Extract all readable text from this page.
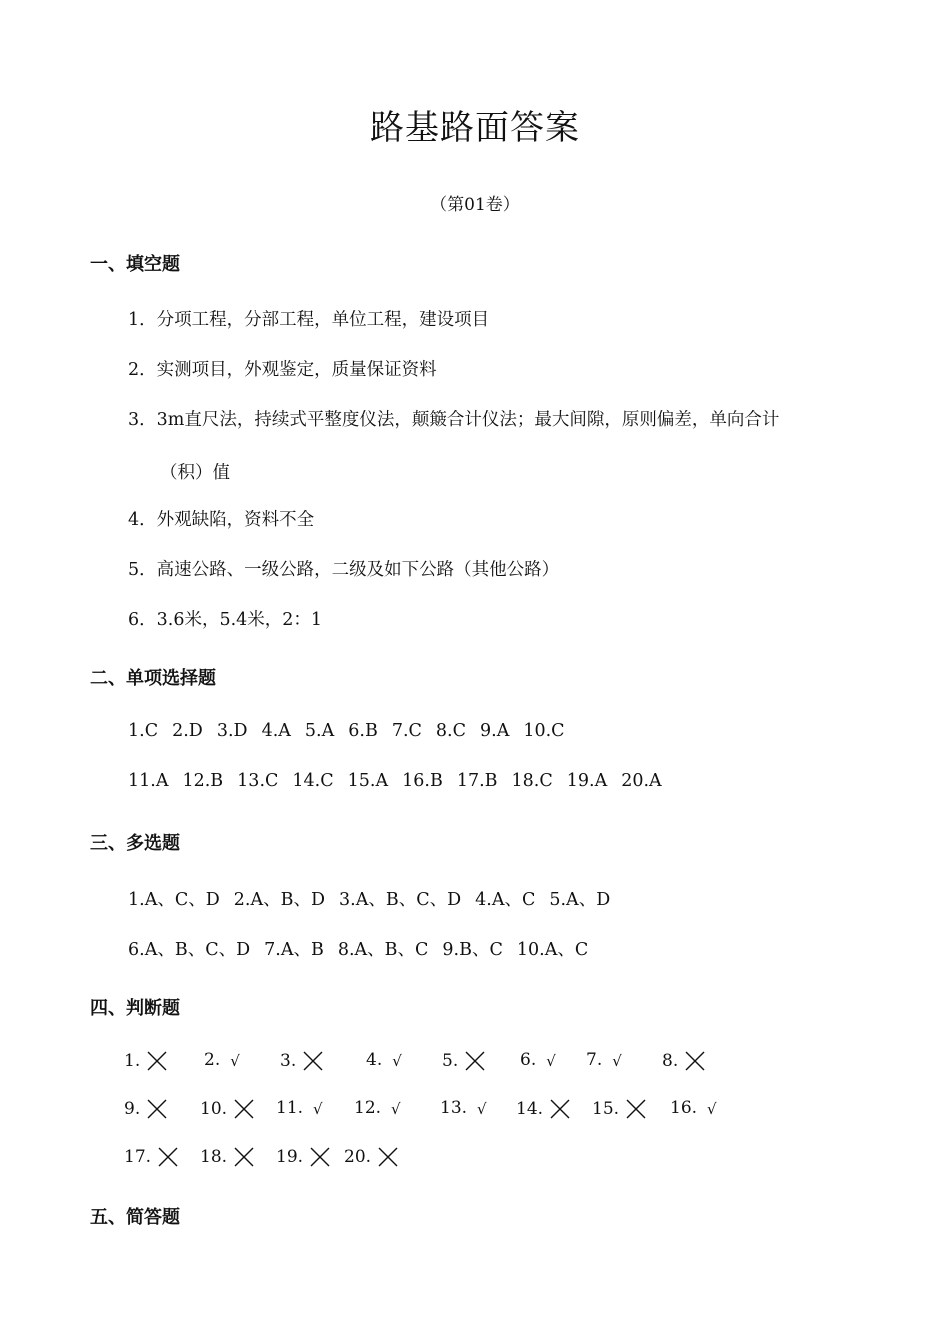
路基路面答案
（第01卷）
一、填空题
1．分项工程，分部工程，单位工程，建设项目
2．实测项目，外观鉴定，质量保证资料
3．3m直尺法，持续式平整度仪法，颠簸合计仪法；最大间隙，原则偏差，单向合计
（积）值
4．外观缺陷，资料不全
5．高速公路、一级公路，二级及如下公路（其他公路）
6．3.6米，5.4米，2：1
二、单项选择题
1.C 2.D 3.D 4.A 5.A 6.B 7.C 8.C 9.A 10.C
11.A 12.B 13.C 14.C 15.A 16.B 17.B 18.C 19.A 20.A
三、多选题
1.A、C、D 2.A、B、D 3.A、B、C、D 4.A、C 5.A、D
6.A、B、C、D 7.A、B 8.A、B、C 9.B、C 10.A、C
四、判断题
1.	2. √ 3.	4. √ 5.	6. √ 7. √ 8.
9.	10.	11. √ 12. √ 13. √ 14.	15.	16. √
17.	18.	19.	20.
五、简答题
